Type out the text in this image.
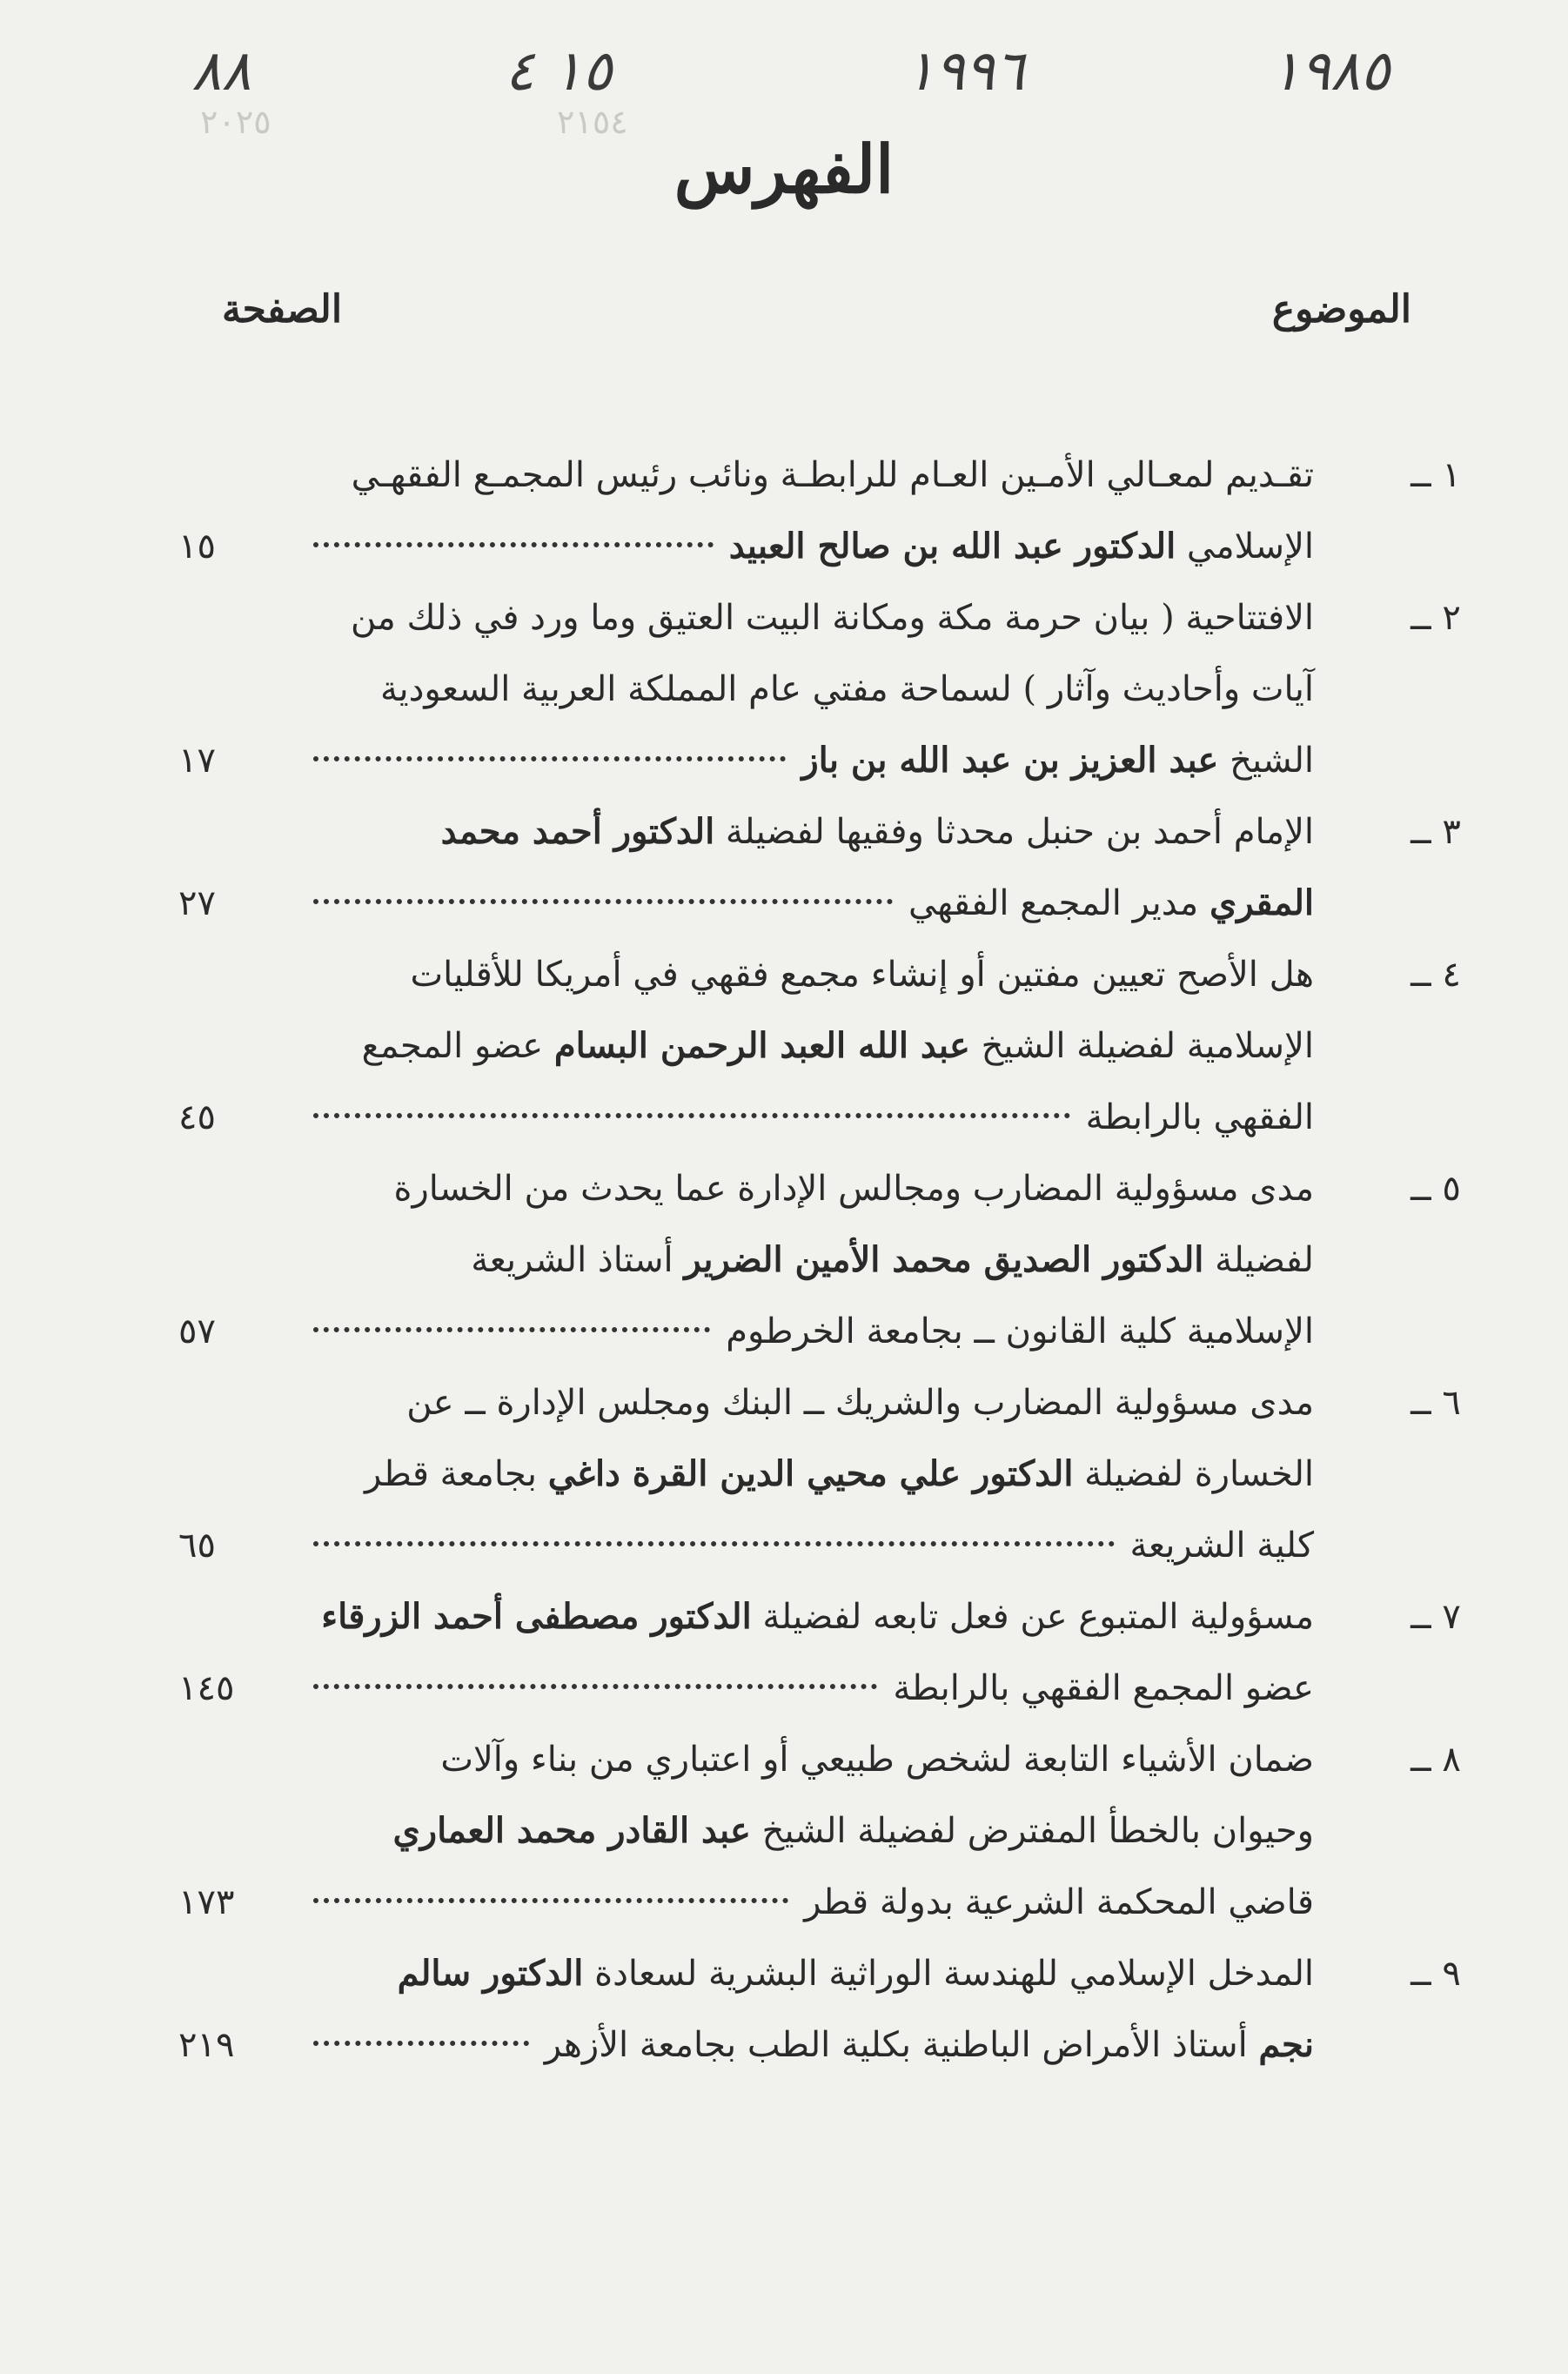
١٩٨٥
١٩٩٦
١٥ ٤
٨٨
٢١٥٤
٢٠٢٥
الفهرس
الموضوع
الصفحة
١ ــ
تقـديم لمعـالي الأمـين العـام للرابطـة ونائب رئيس المجمـع الفقهـي
الإسلامي الدكتور عبد الله بن صالح العبيد
١٥
٢ ــ
الافتتاحية ( بيان حرمة مكة ومكانة البيت العتيق وما ورد في ذلك من
آيات وأحاديث وآثار ) لسماحة مفتي عام المملكة العربية السعودية
الشيخ عبد العزيز بن عبد الله بن باز
١٧
٣ ــ
الإمام أحمد بن حنبل محدثا وفقيها لفضيلة الدكتور أحمد محمد
المقري مدير المجمع الفقهي
٢٧
٤ ــ
هل الأصح تعيين مفتين أو إنشاء مجمع فقهي في أمريكا للأقليات
الإسلامية لفضيلة الشيخ عبد الله العبد الرحمن البسام عضو المجمع
الفقهي بالرابطة
٤٥
٥ ــ
مدى مسؤولية المضارب ومجالس الإدارة عما يحدث من الخسارة
لفضيلة الدكتور الصديق محمد الأمين الضرير أستاذ الشريعة
الإسلامية كلية القانون ــ بجامعة الخرطوم
٥٧
٦ ــ
مدى مسؤولية المضارب والشريك ــ البنك ومجلس الإدارة ــ عن
الخسارة لفضيلة الدكتور علي محيي الدين القرة داغي بجامعة قطر
كلية الشريعة
٦٥
٧ ــ
مسؤولية المتبوع عن فعل تابعه لفضيلة الدكتور مصطفى أحمد الزرقاء
عضو المجمع الفقهي بالرابطة
١٤٥
٨ ــ
ضمان الأشياء التابعة لشخص طبيعي أو اعتباري من بناء وآلات
وحيوان بالخطأ المفترض لفضيلة الشيخ عبد القادر محمد العماري
قاضي المحكمة الشرعية بدولة قطر
١٧٣
٩ ــ
المدخل الإسلامي للهندسة الوراثية البشرية لسعادة الدكتور سالم
نجم أستاذ الأمراض الباطنية بكلية الطب بجامعة الأزهر
٢١٩
